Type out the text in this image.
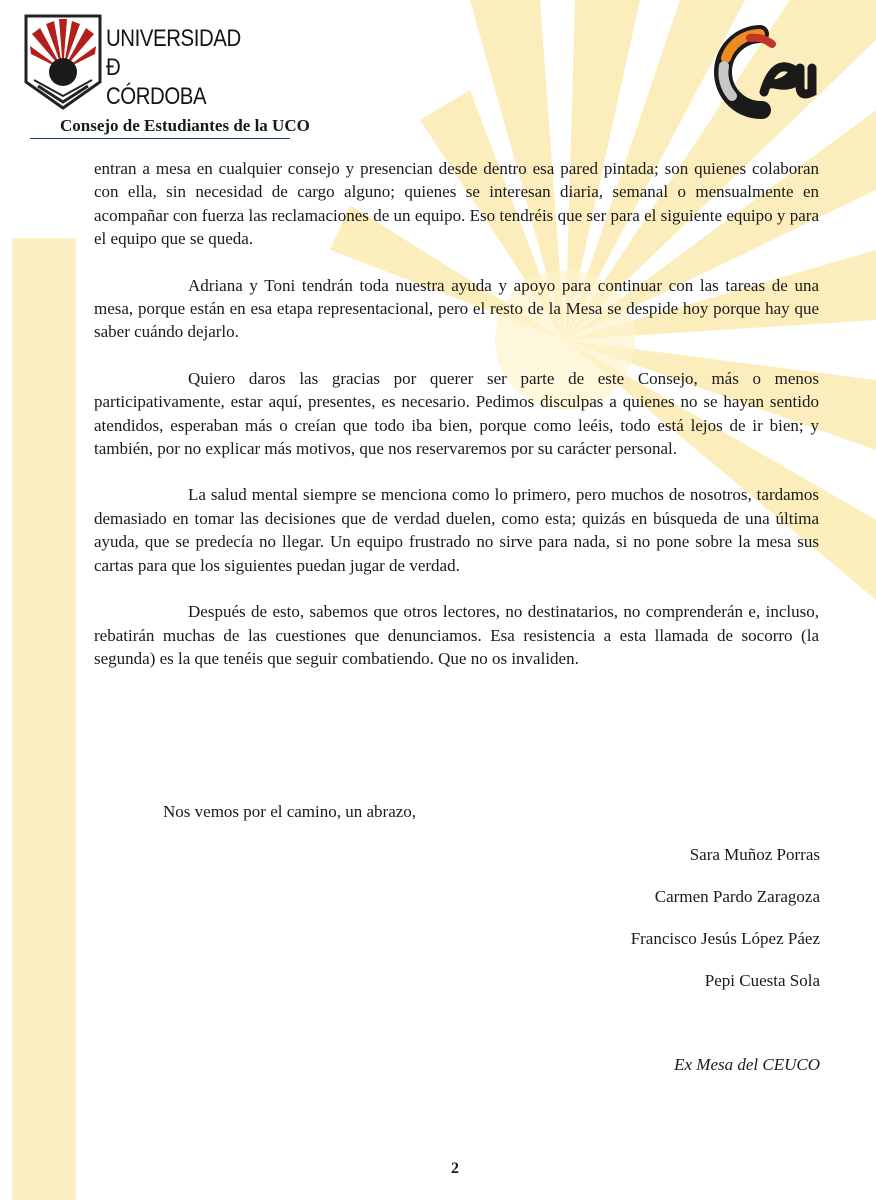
UNIVERSIDAD
Ð
CÓRDOBA
Consejo de Estudiantes de la UCO

entran a mesa en cualquier consejo y presencian desde dentro esa pared pintada; son quienes colaboran con ella, sin necesidad de cargo alguno; quienes se interesan diaria, semanal o mensualmente en acompañar con fuerza las reclamaciones de un equipo. Eso tendréis que ser para el siguiente equipo y para el equipo que se queda.

Adriana y Toni tendrán toda nuestra ayuda y apoyo para continuar con las tareas de una mesa, porque están en esa etapa representacional, pero el resto de la Mesa se despide hoy porque hay que saber cuándo dejarlo.

Quiero daros las gracias por querer ser parte de este Consejo, más o menos participativamente, estar aquí, presentes, es necesario. Pedimos disculpas a quienes no se hayan sentido atendidos, esperaban más o creían que todo iba bien, porque como leéis, todo está lejos de ir bien; y también, por no explicar más motivos, que nos reservaremos por su carácter personal.

La salud mental siempre se menciona como lo primero, pero muchos de nosotros, tardamos demasiado en tomar las decisiones que de verdad duelen, como esta; quizás en búsqueda de una última ayuda, que se predecía no llegar. Un equipo frustrado no sirve para nada, si no pone sobre la mesa sus cartas para que los siguientes puedan jugar de verdad.

Después de esto, sabemos que otros lectores, no destinatarios, no comprenderán e, incluso, rebatirán muchas de las cuestiones que denunciamos. Esa resistencia a esta llamada de socorro (la segunda) es la que tenéis que seguir combatiendo. Que no os invaliden.

Nos vemos por el camino, un abrazo,
Sara Muñoz Porras
Carmen Pardo Zaragoza
Francisco Jesús López Páez
Pepi Cuesta Sola
Ex Mesa del CEUCO
2
